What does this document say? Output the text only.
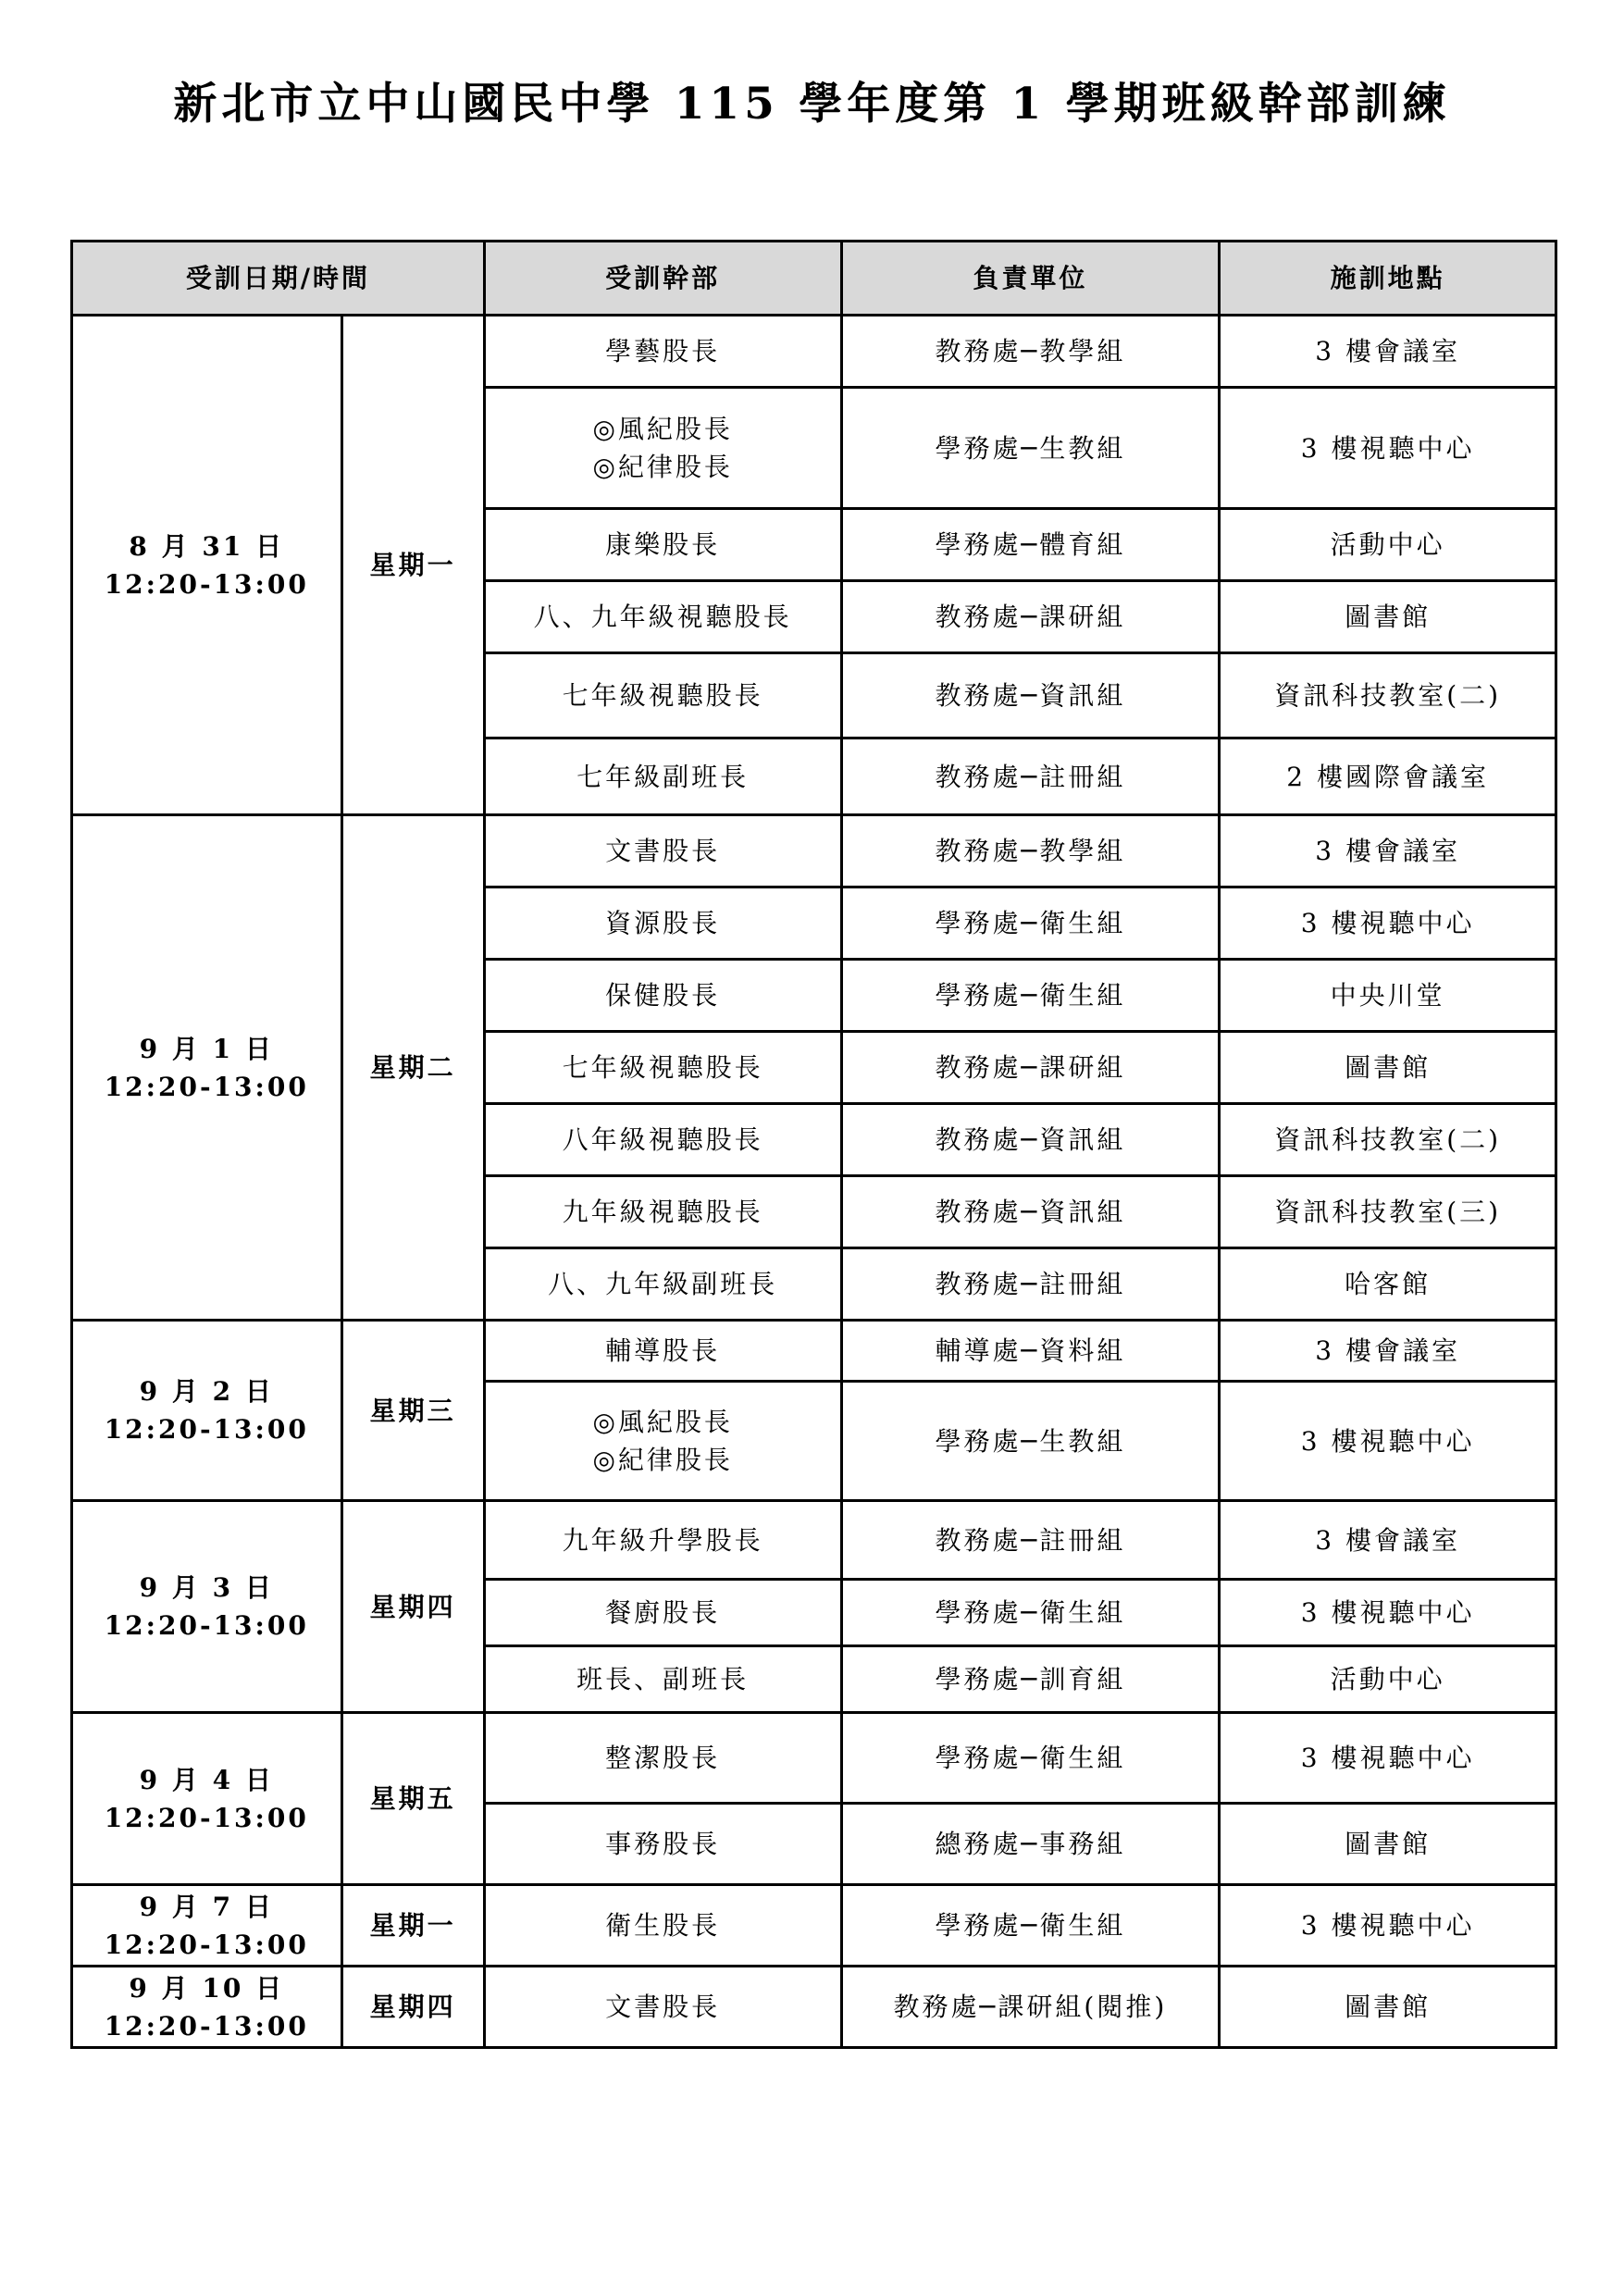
新北市立中山國民中學 115 學年度第 1 學期班級幹部訓練
受訓日期/時間		受訓幹部	負責單位	施訓地點

8 月 31 日
12:20-13:00	星期一	學藝股長	教務處─教學組	3 樓會議室

		◎風紀股長
◎紀律股長	學務處─生教組	3 樓視聽中心

		康樂股長	學務處─體育組	活動中心

		八、九年級視聽股長	教務處─課研組	圖書館

		七年級視聽股長	教務處─資訊組	資訊科技教室(二)

		七年級副班長	教務處─註冊組	2 樓國際會議室

9 月 1 日
12:20-13:00	星期二	文書股長	教務處─教學組	3 樓會議室

		資源股長	學務處─衛生組	3 樓視聽中心

		保健股長	學務處─衛生組	中央川堂

		七年級視聽股長	教務處─課研組	圖書館

		八年級視聽股長	教務處─資訊組	資訊科技教室(二)

		九年級視聽股長	教務處─資訊組	資訊科技教室(三)

		八、九年級副班長	教務處─註冊組	哈客館

9 月 2 日
12:20-13:00	星期三	輔導股長	輔導處─資料組	3 樓會議室

		◎風紀股長
◎紀律股長	學務處─生教組	3 樓視聽中心

9 月 3 日
12:20-13:00	星期四	九年級升學股長	教務處─註冊組	3 樓會議室

		餐廚股長	學務處─衛生組	3 樓視聽中心

		班長、副班長	學務處─訓育組	活動中心

9 月 4 日
12:20-13:00	星期五	整潔股長	學務處─衛生組	3 樓視聽中心

		事務股長	總務處─事務組	圖書館

9 月 7 日
12:20-13:00	星期一	衛生股長	學務處─衛生組	3 樓視聽中心

9 月 10 日
12:20-13:00	星期四	文書股長	教務處─課研組(閱推)	圖書館
